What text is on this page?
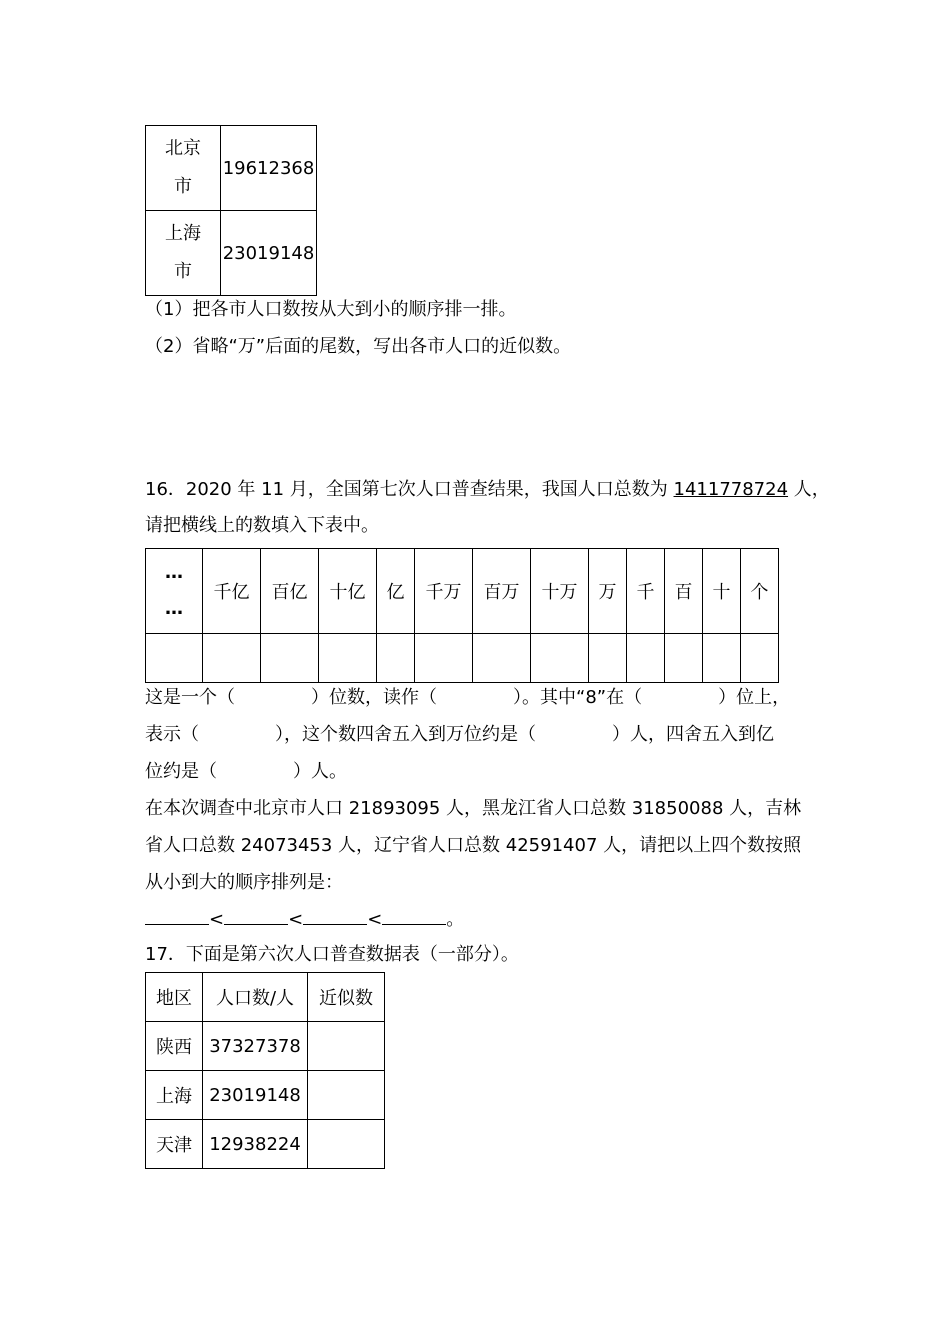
北京
市	19612368
上海
市	23019148
（1）把各市人口数按从大到小的顺序排一排。
（2）省略“万”后面的尾数，写出各市人口的近似数。
16．2020 年 11 月，全国第七次人口普查结果，我国人口总数为 1411778724 人，
请把横线上的数填入下表中。
…
…	千亿	百亿	十亿	亿	千万	百万	十万	万	千	百	十	个

这是一个（	）位数，读作（	）。其中“8”在（	）位上，
表示（	），这个数四舍五入到万位约是（	）人，四舍五入到亿
位约是（	）人。
在本次调查中北京市人口 21893095 人，黑龙江省人口总数 31850088 人，吉林
省人口总数 24073453 人，辽宁省人口总数 42591407 人，请把以上四个数按照
从小到大的顺序排列是：
<	<	<	。
17．下面是第六次人口普查数据表（一部分）。
地区	人口数/人	近似数
陕西	37327378	
上海	23019148	
天津	12938224	
